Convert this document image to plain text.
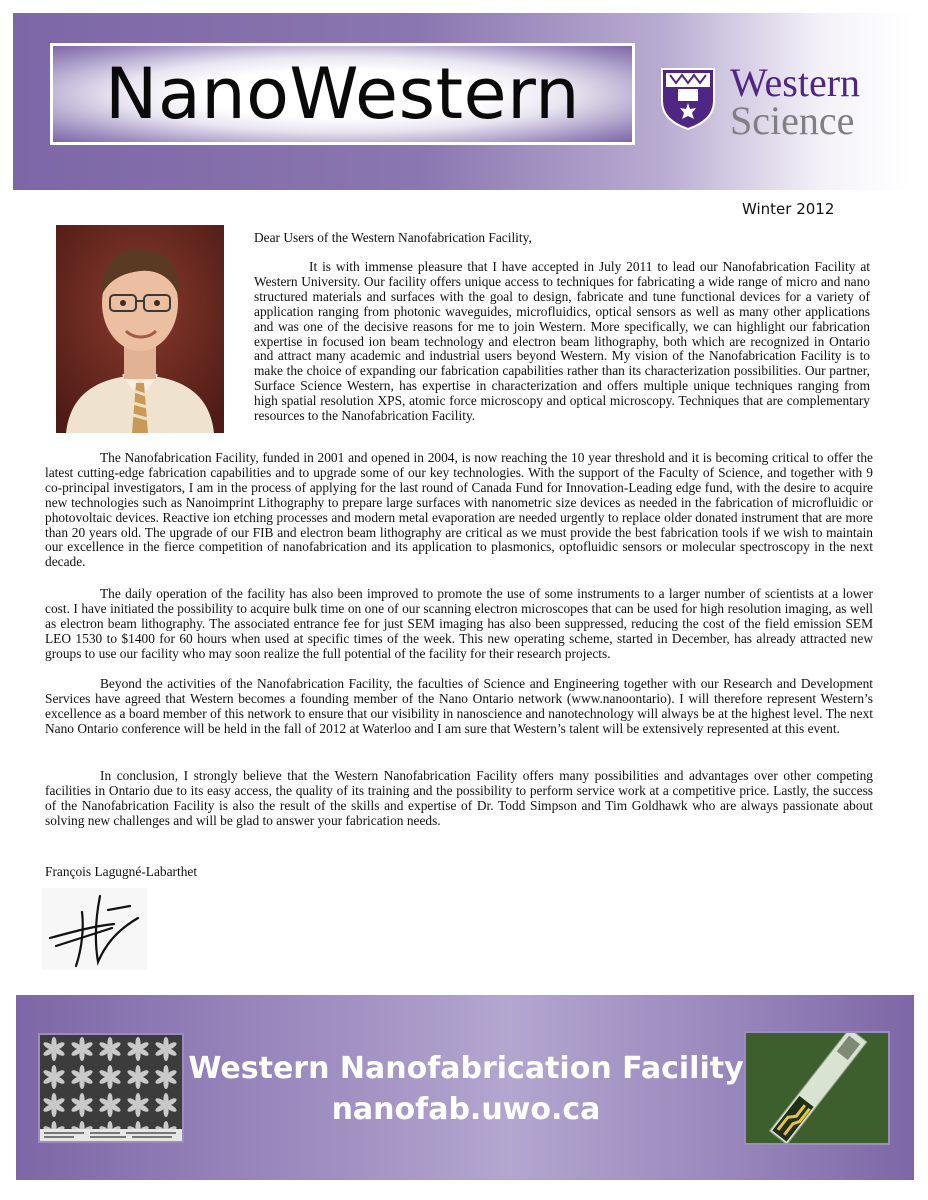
NanoWestern	Western
Science
Winter 2012
Dear Users of the Western Nanofabrication Facility,

It is with immense pleasure that I have accepted in July 2011 to lead our Nanofabrication Facility at Western University. Our facility offers unique access to techniques for fabricating a wide range of micro and nano structured materials and surfaces with the goal to design, fabricate and tune functional devices for a variety of application ranging from photonic waveguides, microfluidics, optical sensors as well as many other applications and was one of the decisive reasons for me to join Western. More specifically, we can highlight our fabrication expertise in focused ion beam technology and electron beam lithography, both which are recognized in Ontario and attract many academic and industrial users beyond Western. My vision of the Nanofabrication Facility is to make the choice of expanding our fabrication capabilities rather than its characterization possibilities. Our partner, Surface Science Western, has expertise in characterization and offers multiple unique techniques ranging from high spatial resolution XPS, atomic force microscopy and optical microscopy. Techniques that are complementary resources to the Nanofabrication Facility.

The Nanofabrication Facility, funded in 2001 and opened in 2004, is now reaching the 10 year threshold and it is becoming critical to offer the latest cutting-edge fabrication capabilities and to upgrade some of our key technologies. With the support of the Faculty of Science, and together with 9 co-principal investigators, I am in the process of applying for the last round of Canada Fund for Innovation-Leading edge fund, with the desire to acquire new technologies such as Nanoimprint Lithography to prepare large surfaces with nanometric size devices as needed in the fabrication of microfluidic or photovoltaic devices. Reactive ion etching processes and modern metal evaporation are needed urgently to replace older donated instrument that are more than 20 years old. The upgrade of our FIB and electron beam lithography are critical as we must provide the best fabrication tools if we wish to maintain our excellence in the fierce competition of nanofabrication and its application to plasmonics, optofluidic sensors or molecular spectroscopy in the next decade.

The daily operation of the facility has also been improved to promote the use of some instruments to a larger number of scientists at a lower cost. I have initiated the possibility to acquire bulk time on one of our scanning electron microscopes that can be used for high resolution imaging, as well as electron beam lithography. The associated entrance fee for just SEM imaging has also been suppressed, reducing the cost of the field emission SEM LEO 1530 to $1400 for 60 hours when used at specific times of the week. This new operating scheme, started in December, has already attracted new groups to use our facility who may soon realize the full potential of the facility for their research projects.

Beyond the activities of the Nanofabrication Facility, the faculties of Science and Engineering together with our Research and Development Services have agreed that Western becomes a founding member of the Nano Ontario network (www.nanoontario). I will therefore represent Western’s excellence as a board member of this network to ensure that our visibility in nanoscience and nanotechnology will always be at the highest level. The next Nano Ontario conference will be held in the fall of 2012 at Waterloo and I am sure that Western’s talent will be extensively represented at this event.

In conclusion, I strongly believe that the Western Nanofabrication Facility offers many possibilities and advantages over other competing facilities in Ontario due to its easy access, the quality of its training and the possibility to perform service work at a competitive price. Lastly, the success of the Nanofabrication Facility is also the result of the skills and expertise of Dr. Todd Simpson and Tim Goldhawk who are always passionate about solving new challenges and will be glad to answer your fabrication needs.

François Lagugné-Labarthet
Western Nanofabrication Facility
nanofab.uwo.ca
